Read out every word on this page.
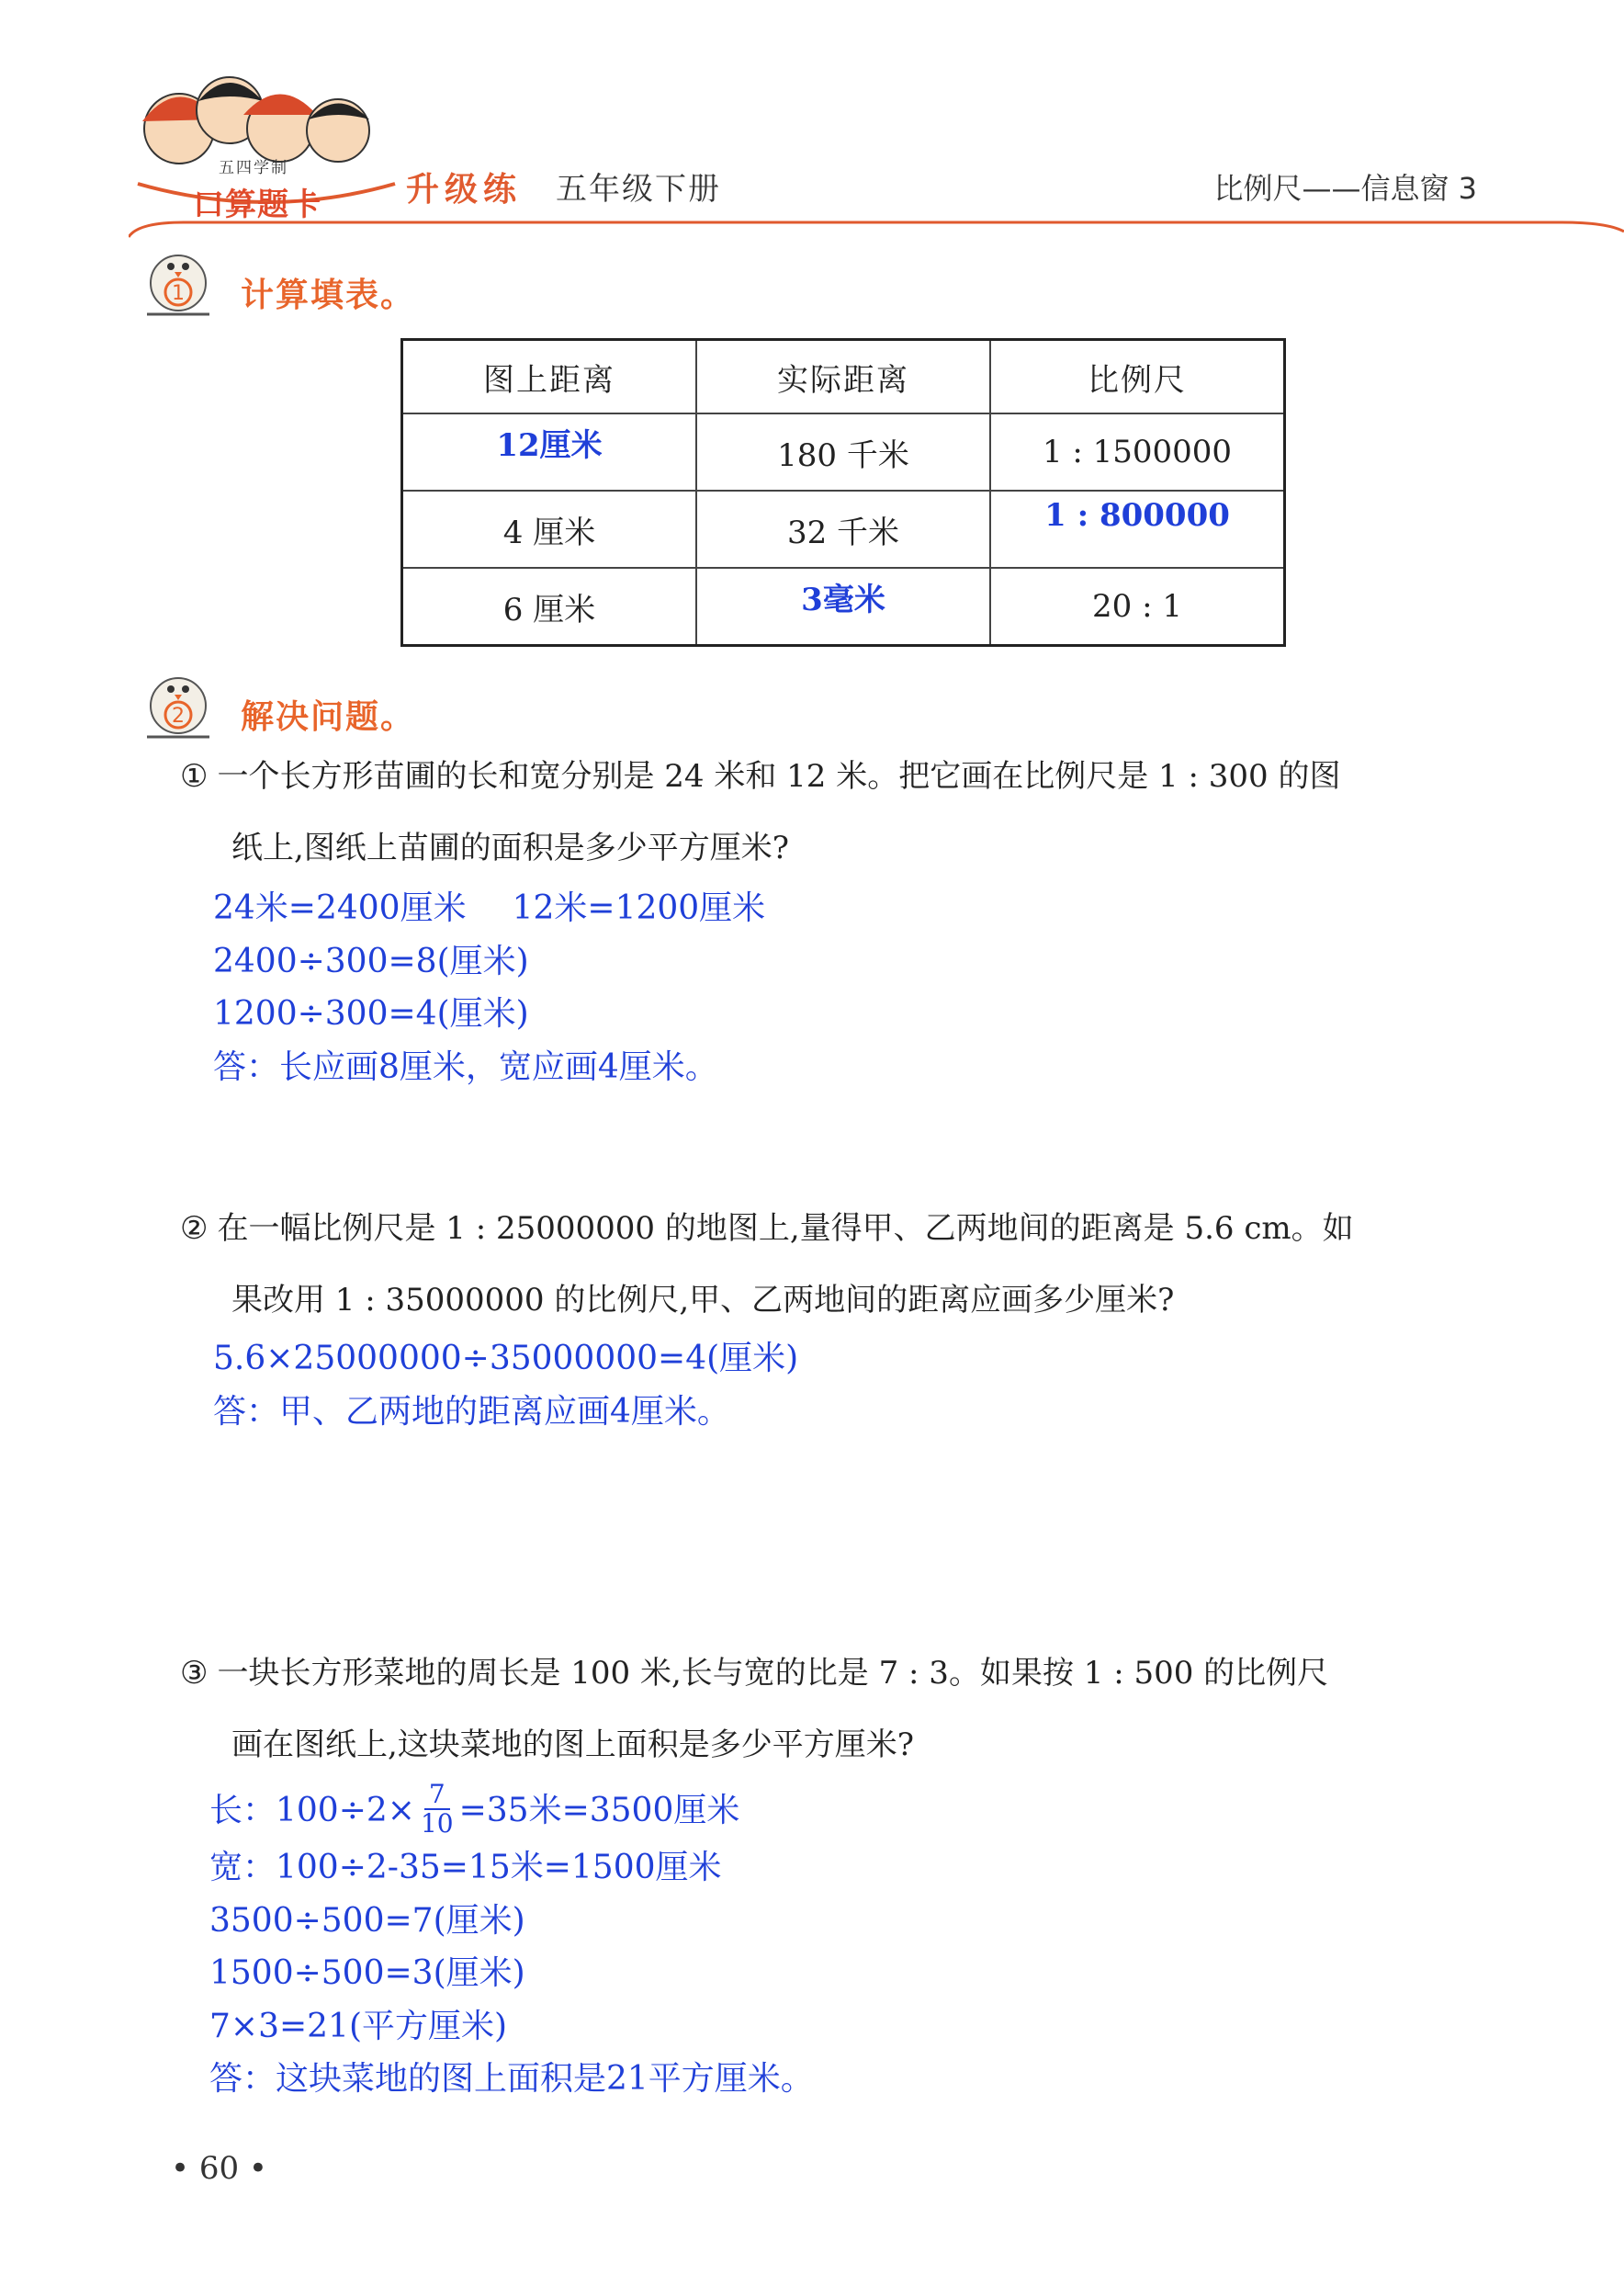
五四学制
口算题卡	升级练 五年级下册	比例尺——信息窗 3
1 计算填表。
图上距离	实际距离	比例尺
12厘米	180 千米	1 : 1500000
4 厘米	32 千米	1 : 800000
6 厘米	3毫米	20 : 1
2 解决问题。
① 一个长方形苗圃的长和宽分别是 24 米和 12 米。把它画在比例尺是 1 : 300 的图
纸上,图纸上苗圃的面积是多少平方厘米?
24米=2400厘米 12米=1200厘米
2400÷300=8(厘米)
1200÷300=4(厘米)
答：长应画8厘米，宽应画4厘米。
② 在一幅比例尺是 1 : 25000000 的地图上,量得甲、乙两地间的距离是 5.6 cm。如
果改用 1 : 35000000 的比例尺,甲、乙两地间的距离应画多少厘米?
5.6×25000000÷35000000=4(厘米)
答：甲、乙两地的距离应画4厘米。
③ 一块长方形菜地的周长是 100 米,长与宽的比是 7 : 3。如果按 1 : 500 的比例尺
画在图纸上,这块菜地的图上面积是多少平方厘米?
长：$100\div 2\times \frac{7}{10} =35$米=3500厘米
宽：100÷2-35=15米=1500厘米
3500÷500=7(厘米)
1500÷500=3(厘米)
7×3=21(平方厘米)
答：这块菜地的图上面积是21平方厘米。
• 60 •
